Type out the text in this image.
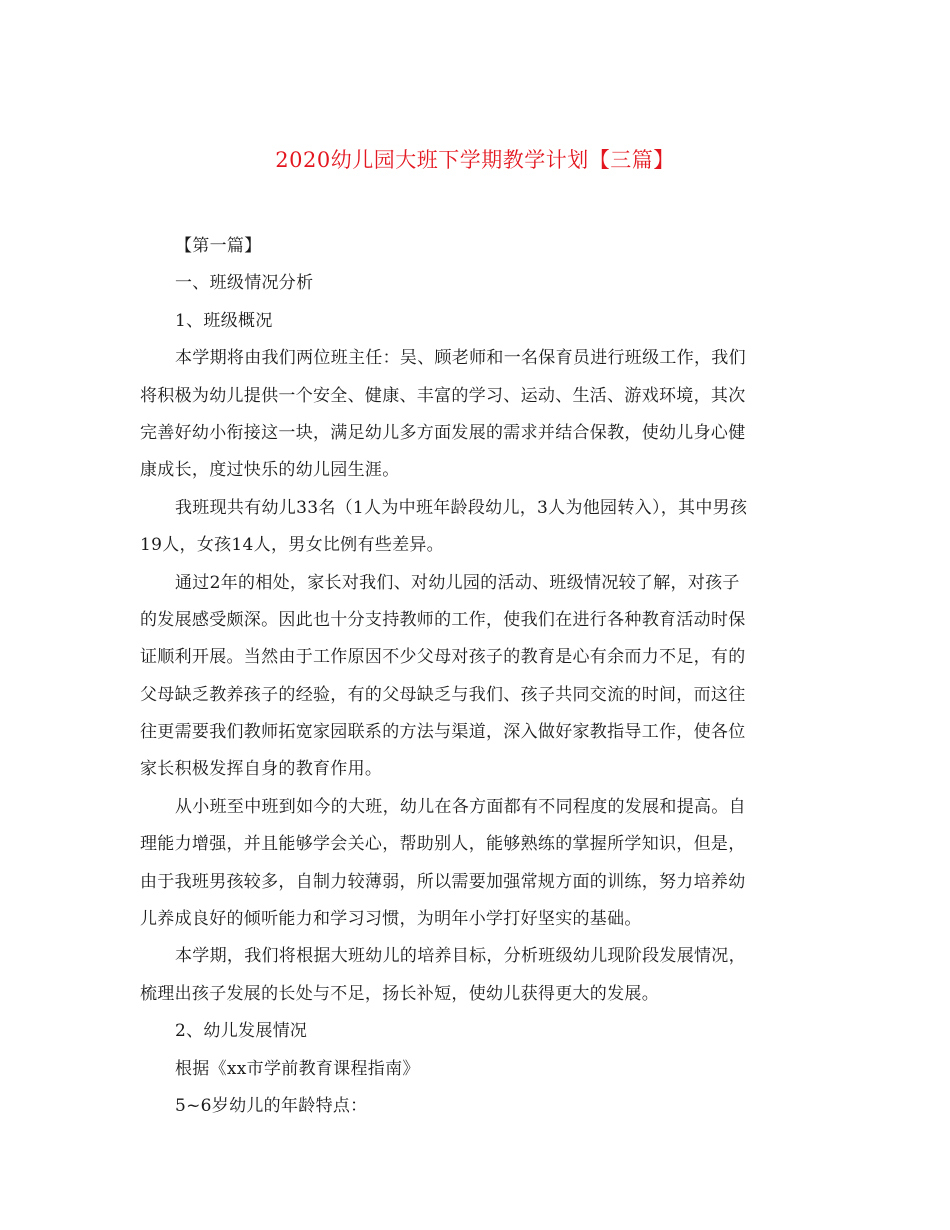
2020幼儿园大班下学期教学计划【三篇】
【第一篇】
一、班级情况分析
1、班级概况
本学期将由我们两位班主任：吴、顾老师和一名保育员进行班级工作，我们
将积极为幼儿提供一个安全、健康、丰富的学习、运动、生活、游戏环境，其次
完善好幼小衔接这一块，满足幼儿多方面发展的需求并结合保教，使幼儿身心健
康成长，度过快乐的幼儿园生涯。
我班现共有幼儿33名（1人为中班年龄段幼儿，3人为他园转入），其中男孩
19人，女孩14人，男女比例有些差异。
通过2年的相处，家长对我们、对幼儿园的活动、班级情况较了解，对孩子
的发展感受颇深。因此也十分支持教师的工作，使我们在进行各种教育活动时保
证顺利开展。当然由于工作原因不少父母对孩子的教育是心有余而力不足，有的
父母缺乏教养孩子的经验，有的父母缺乏与我们、孩子共同交流的时间，而这往
往更需要我们教师拓宽家园联系的方法与渠道，深入做好家教指导工作，使各位
家长积极发挥自身的教育作用。
从小班至中班到如今的大班，幼儿在各方面都有不同程度的发展和提高。自
理能力增强，并且能够学会关心，帮助别人，能够熟练的掌握所学知识，但是，
由于我班男孩较多，自制力较薄弱，所以需要加强常规方面的训练，努力培养幼
儿养成良好的倾听能力和学习习惯，为明年小学打好坚实的基础。
本学期，我们将根据大班幼儿的培养目标，分析班级幼儿现阶段发展情况，
梳理出孩子发展的长处与不足，扬长补短，使幼儿获得更大的发展。
2、幼儿发展情况
根据《xx市学前教育课程指南》
5~6岁幼儿的年龄特点：
